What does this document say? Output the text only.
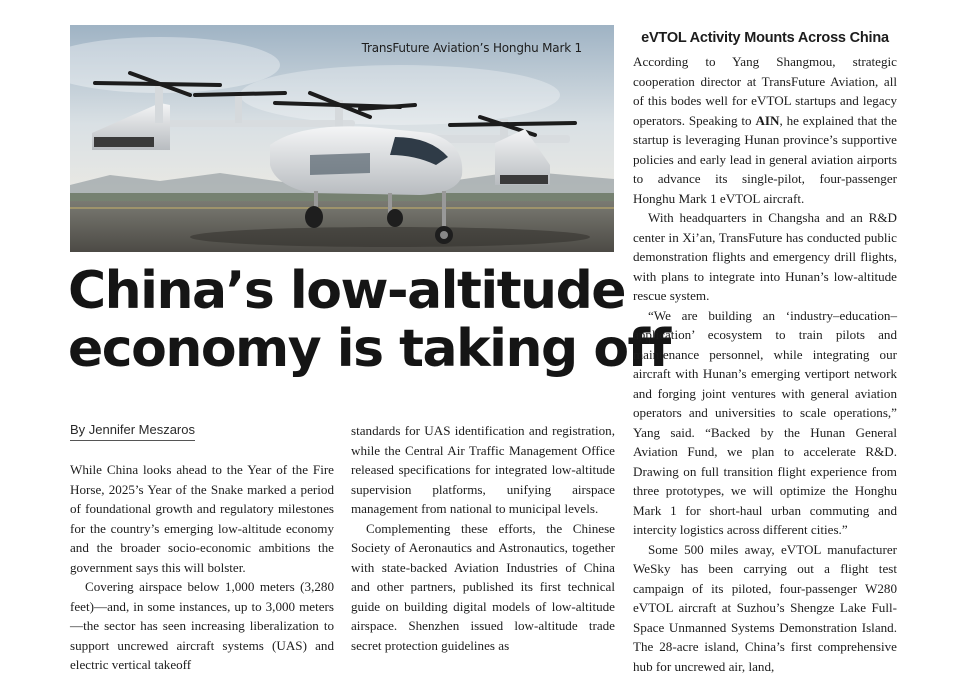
TransFuture Aviation’s Honghu Mark 1
China’s low-altitude
economy is taking off
By Jennifer Meszaros

While China looks ahead to the Year of the Fire Horse, 2025’s Year of the Snake marked a period of foundational growth and regulatory milestones for the country’s emerging low-altitude economy and the broader socio-economic ambitions the government says this will bolster.

Covering airspace below 1,000 meters (3,280 feet)—and, in some instances, up to 3,000 meters—the sector has seen increasing liberalization to support uncrewed aircraft systems (UAS) and electric vertical takeoff

standards for UAS identification and registration, while the Central Air Traffic Management Office released specifications for integrated low-altitude supervision platforms, unifying airspace management from national to municipal levels.

Complementing these efforts, the Chinese Society of Aeronautics and Astronautics, together with state-backed Aviation Industries of China and other partners, published its first technical guide on building digital models of low-altitude airspace. Shenzhen issued low-altitude trade secret protection guidelines as

eVTOL Activity Mounts Across China

According to Yang Shangmou, strategic cooperation director at TransFuture Aviation, all of this bodes well for eVTOL startups and legacy operators. Speaking to AIN, he explained that the startup is leveraging Hunan province’s supportive policies and early lead in general aviation airports to advance its single-pilot, four-passenger Honghu Mark 1 eVTOL aircraft.

With headquarters in Changsha and an R&D center in Xi’an, TransFuture has conducted public demonstration flights and emergency drill flights, with plans to integrate into Hunan’s low-altitude rescue system.

“We are building an ‘industry–education–application’ ecosystem to train pilots and maintenance personnel, while integrating our aircraft with Hunan’s emerging vertiport network and forging joint ventures with general aviation operators and universities to scale operations,” Yang said. “Backed by the Hunan General Aviation Fund, we plan to accelerate R&D. Drawing on full transition flight experience from three prototypes, we will optimize the Honghu Mark 1 for short-haul urban commuting and intercity logistics across different cities.”

Some 500 miles away, eVTOL manufacturer WeSky has been carrying out a flight test campaign of its piloted, four-passenger W280 eVTOL aircraft at Suzhou’s Shengze Lake Full-Space Unmanned Systems Demonstration Island. The 28-acre island, China’s first comprehensive hub for uncrewed air, land,
